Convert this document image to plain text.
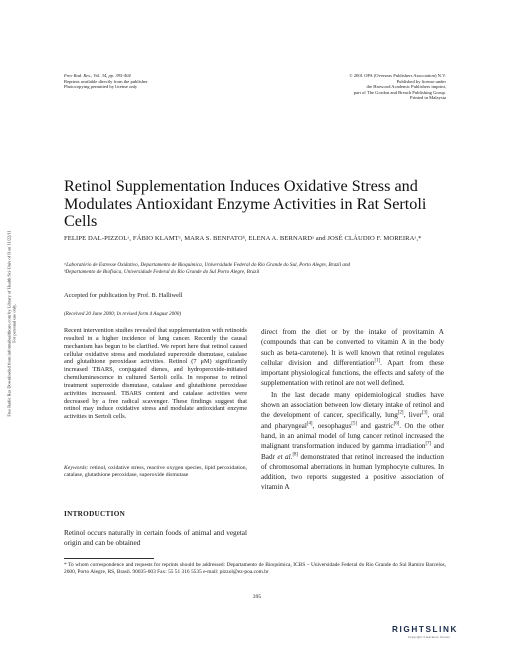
Free Rad. Res., Vol. 34, pp. 395-404
Reprints available directly from the publisher
Photocopying permitted by license only
© 2001 OPA (Overseas Publishers Association) N.V.
Published by license under
the Harwood Academic Publishers imprint,
part of The Gordon and Breach Publishing Group.
Printed in Malaysia
Free Radic Res Downloaded from informahealthcare.com by Library of Health Sci-Univ of Il on 11/22/11 For personal use only.
Retinol Supplementation Induces Oxidative Stress and Modulates Antioxidant Enzyme Activities in Rat Sertoli Cells
FELIPE DAL-PIZZOLᵃ, FÁBIO KLAMTᵃ, MARA S. BENFATOᵇ, ELENA A. BERNARDᵃ and JOSÉ CLÁUDIO F. MOREIRAᵃ,*
ᵃLaboratório de Estresse Oxidativo, Departamento de Bioquímica, Universidade Federal do Rio Grande do Sul, Porto Alegre, Brazil and
ᵇDepartamento de Biofísica, Universidade Federal do Rio Grande do Sul Porto Alegre, Brazil
Accepted for publication by Prof. B. Halliwell
(Received 20 June 2000; In revised form 4 August 2000)
Recent intervention studies revealed that supplementation with retinoids resulted in a higher incidence of lung cancer. Recently the causal mechanism has begun to be clarified. We report here that retinol caused cellular oxidative stress and modulated superoxide dismutase, catalase and glutathione peroxidase activities. Retinol (7 μM) significantly increased TBARS, conjugated dienes, and hydroperoxide-initiated chemiluminescence in cultured Sertoli cells. In response to retinol treatment superoxide dismutase, catalase and glutathione peroxidase activities increased. TBARS content and catalase activities were decreased by a free radical scavenger. These findings suggest that retinol may induce oxidative stress and modulate antioxidant enzyme activities in Sertoli cells.
Keywords: retinol, oxidative stress, reactive oxygen species, lipid peroxidation, catalase, glutathione peroxidase, superoxide dismutase
INTRODUCTION
Retinol occurs naturally in certain foods of animal and vegetal origin and can be obtained

direct from the diet or by the intake of provitamin A (compounds that can be converted to vitamin A in the body such as beta-carotene). It is well known that retinol regulates cellular division and differentiation[1]. Apart from these important physiological functions, the effects and safety of the supplementation with retinol are not well defined.

In the last decade many epidemiological studies have shown an association between low dietary intake of retinol and the development of cancer, specifically, lung[2], liver[3], oral and pharyngeal[4], oesophagus[5] and gastric[6]. On the other hand, in an animal model of lung cancer retinol increased the malignant transformation induced by gamma irradiation[7] and Badr et al.[8] demonstrated that retinol increased the induction of chromosomal aberrations in human lymphocyte cultures. In addition, two reports suggested a positive association of vitamin A

* To whom correspondence and requests for reprints should be addressed: Departamento de Bioquímica, ICBS – Universidade Federal do Rio Grande do Sul Ramiro Barcelos, 2600, Porto Alegre, RS, Brasil. 90035-003 Fax: 55 51 316 5535 e-mail: pizzol@ez-poa.com.br
395
RIGHTSLINK
Copyright Clearance Center
